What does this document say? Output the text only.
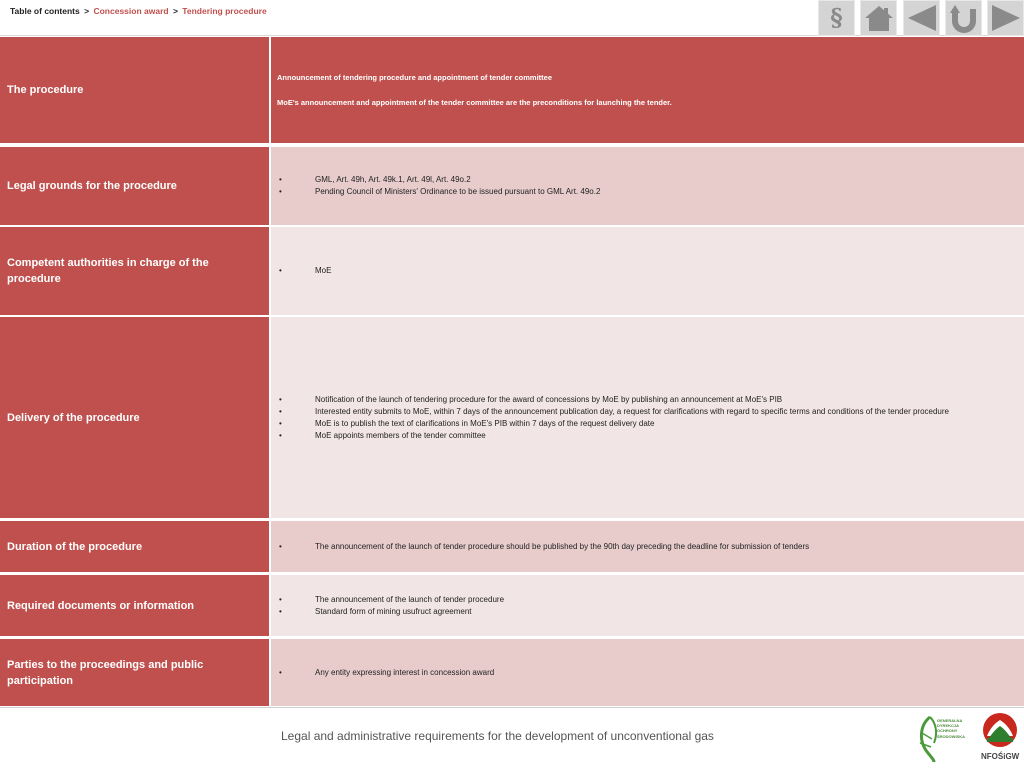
Table of contents > Concession award > Tendering procedure	§
The procedure
Announcement of tendering procedure and appointment of tender committee
MoE's announcement and appointment of the tender committee are the preconditions for launching the tender.
Legal grounds for the procedure
• GML, Art. 49h, Art. 49k.1, Art. 49l, Art. 49o.2
• Pending Council of Ministers' Ordinance to be issued pursuant to GML Art. 49o.2
Competent authorities in charge of the procedure
• MoE
Delivery of the procedure
• Notification of the launch of tendering procedure for the award of concessions by MoE by publishing an announcement at MoE's PIB
• Interested entity submits to MoE, within 7 days of the announcement publication day, a request for clarifications with regard to specific terms and conditions of the tender procedure
• MoE is to publish the text of clarifications in MoE's PIB within 7 days of the request delivery date
• MoE appoints members of the tender committee
Duration of the procedure
•	The announcement of the launch of tender procedure should be published by the 90th day preceding the deadline for submission of tenders
Required documents or information
• The announcement of the launch of tender procedure
• Standard form of mining usufruct agreement
Parties to the proceedings and public participation
• Any entity expressing interest in concession award
Legal and administrative requirements for the development of unconventional gas
GENERALNA
DYREKCJA
OCHRONY
ŚRODOWISKA
NFOŚiGW
